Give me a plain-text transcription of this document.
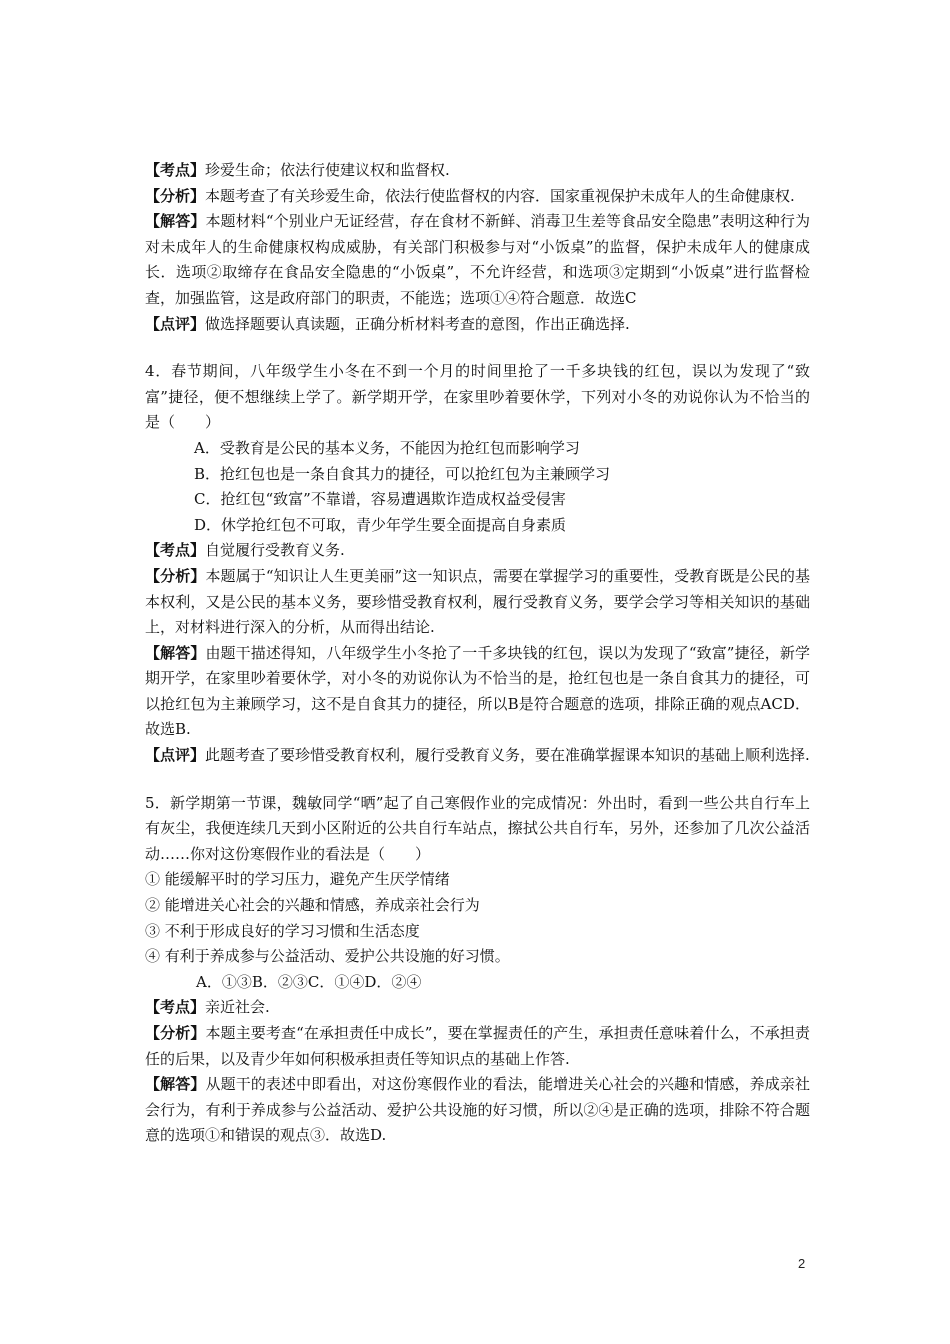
【考点】珍爱生命；依法行使建议权和监督权.

【分析】本题考查了有关珍爱生命，依法行使监督权的内容．国家重视保护未成年人的生命健康权.

【解答】本题材料“个别业户无证经营，存在食材不新鲜、消毒卫生差等食品安全隐患”表明这种行为对未成年人的生命健康权构成威胁，有关部门积极参与对“小饭桌”的监督，保护未成年人的健康成长．选项②取缔存在食品安全隐患的“小饭桌”，不允许经营，和选项③定期到“小饭桌”进行监督检查，加强监管，这是政府部门的职责，不能选；选项①④符合题意．故选C

【点评】做选择题要认真读题，正确分析材料考查的意图，作出正确选择.

4．春节期间，八年级学生小冬在不到一个月的时间里抢了一千多块钱的红包，误以为发现了“致富”捷径，便不想继续上学了。新学期开学，在家里吵着要休学，下列对小冬的劝说你认为不恰当的是（　　）

A．受教育是公民的基本义务，不能因为抢红包而影响学习

B．抢红包也是一条自食其力的捷径，可以抢红包为主兼顾学习

C．抢红包“致富”不靠谱，容易遭遇欺诈造成权益受侵害

D．休学抢红包不可取，青少年学生要全面提高自身素质

【考点】自觉履行受教育义务.

【分析】本题属于“知识让人生更美丽”这一知识点，需要在掌握学习的重要性，受教育既是公民的基本权利，又是公民的基本义务，要珍惜受教育权利，履行受教育义务，要学会学习等相关知识的基础上，对材料进行深入的分析，从而得出结论.

【解答】由题干描述得知，八年级学生小冬抢了一千多块钱的红包，误以为发现了“致富”捷径，新学期开学，在家里吵着要休学，对小冬的劝说你认为不恰当的是，抢红包也是一条自食其力的捷径，可以抢红包为主兼顾学习，这不是自食其力的捷径，所以B是符合题意的选项，排除正确的观点ACD．故选B.

【点评】此题考查了要珍惜受教育权利，履行受教育义务，要在准确掌握课本知识的基础上顺利选择.

5．新学期第一节课，魏敏同学“晒”起了自己寒假作业的完成情况：外出时，看到一些公共自行车上有灰尘，我便连续几天到小区附近的公共自行车站点，擦拭公共自行车，另外，还参加了几次公益活动……你对这份寒假作业的看法是（　　）

① 能缓解平时的学习压力，避免产生厌学情绪

② 能增进关心社会的兴趣和情感，养成亲社会行为

③ 不利于形成良好的学习习惯和生活态度

④ 有利于养成参与公益活动、爱护公共设施的好习惯。

A．①③B．②③C．①④D．②④

【考点】亲近社会.

【分析】本题主要考查“在承担责任中成长”，要在掌握责任的产生，承担责任意味着什么，不承担责任的后果，以及青少年如何积极承担责任等知识点的基础上作答.

【解答】从题干的表述中即看出，对这份寒假作业的看法，能增进关心社会的兴趣和情感，养成亲社会行为，有利于养成参与公益活动、爱护公共设施的好习惯，所以②④是正确的选项，排除不符合题意的选项①和错误的观点③．故选D.

2
